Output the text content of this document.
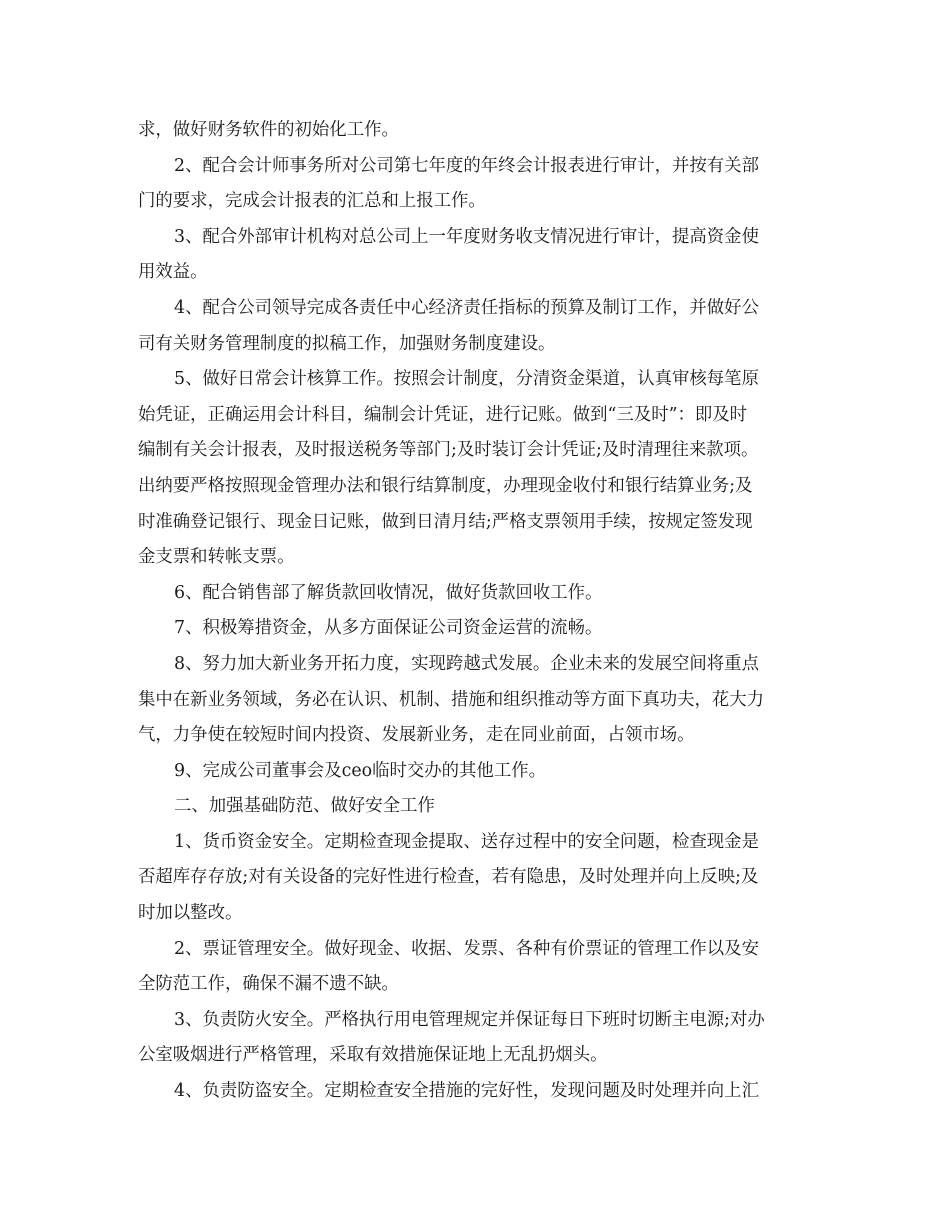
求，做好财务软件的初始化工作。
2、配合会计师事务所对公司第七年度的年终会计报表进行审计，并按有关部
门的要求，完成会计报表的汇总和上报工作。
3、配合外部审计机构对总公司上一年度财务收支情况进行审计，提高资金使
用效益。
4、配合公司领导完成各责任中心经济责任指标的预算及制订工作，并做好公
司有关财务管理制度的拟稿工作，加强财务制度建设。
5、做好日常会计核算工作。按照会计制度，分清资金渠道，认真审核每笔原
始凭证，正确运用会计科目，编制会计凭证，进行记账。做到“三及时”：即及时
编制有关会计报表，及时报送税务等部门;及时装订会计凭证;及时清理往来款项。
出纳要严格按照现金管理办法和银行结算制度，办理现金收付和银行结算业务;及
时准确登记银行、现金日记账，做到日清月结;严格支票领用手续，按规定签发现
金支票和转帐支票。
6、配合销售部了解货款回收情况，做好货款回收工作。
7、积极筹措资金，从多方面保证公司资金运营的流畅。
8、努力加大新业务开拓力度，实现跨越式发展。企业未来的发展空间将重点
集中在新业务领域，务必在认识、机制、措施和组织推动等方面下真功夫，花大力
气，力争使在较短时间内投资、发展新业务，走在同业前面，占领市场。
9、完成公司董事会及ceo临时交办的其他工作。
二、加强基础防范、做好安全工作
1、货币资金安全。定期检查现金提取、送存过程中的安全问题，检查现金是
否超库存存放;对有关设备的完好性进行检查，若有隐患，及时处理并向上反映;及
时加以整改。
2、票证管理安全。做好现金、收据、发票、各种有价票证的管理工作以及安
全防范工作，确保不漏不遗不缺。
3、负责防火安全。严格执行用电管理规定并保证每日下班时切断主电源;对办
公室吸烟进行严格管理，采取有效措施保证地上无乱扔烟头。
4、负责防盗安全。定期检查安全措施的完好性，发现问题及时处理并向上汇
